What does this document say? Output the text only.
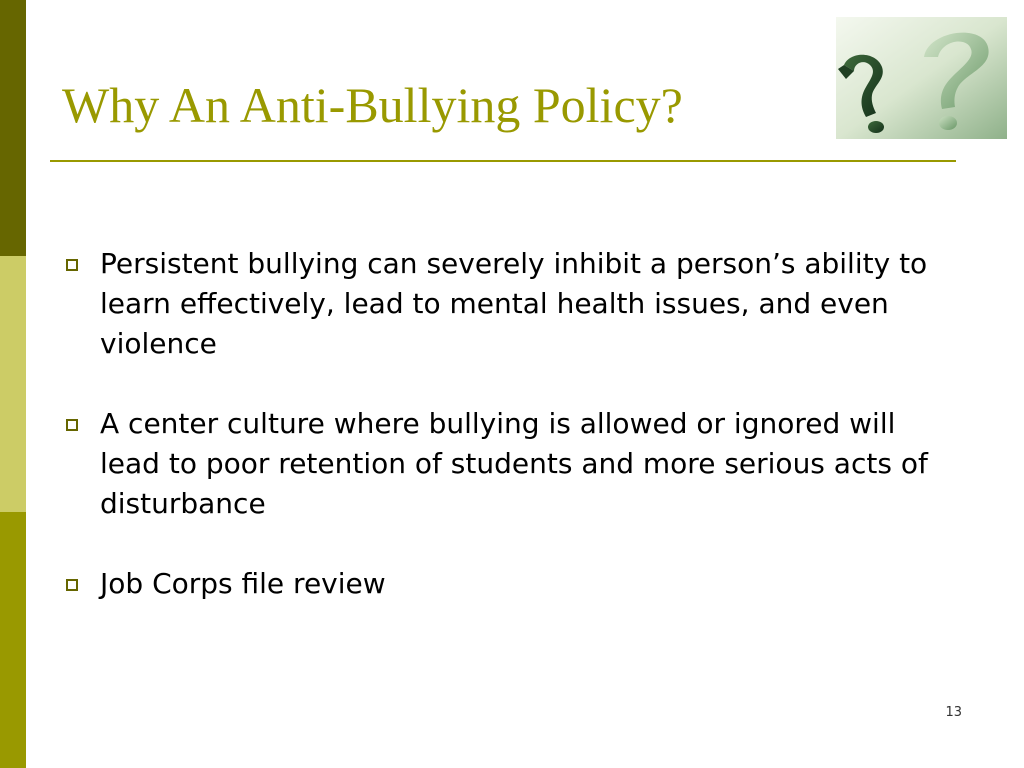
Why An Anti-Bullying Policy?
Persistent bullying can severely inhibit a person’s ability to learn effectively, lead to mental health issues, and even violence
A center culture where bullying is allowed or ignored will lead to poor retention of students and more serious acts of disturbance
Job Corps file review
13
